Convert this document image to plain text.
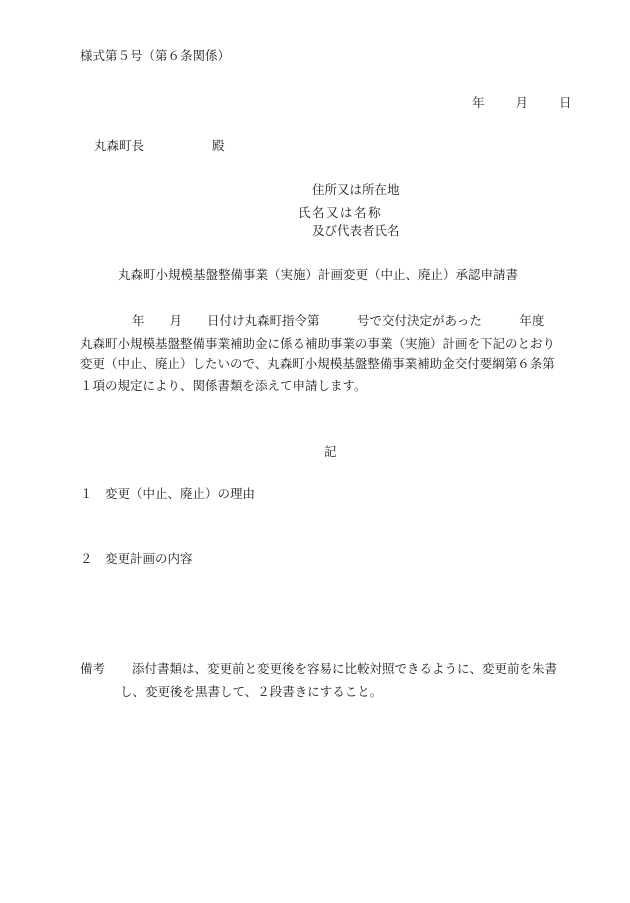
様式第５号（第６条関係）
年　　月　　日
丸森町長	殿
住所又は所在地
氏名又は名称
及び代表者氏名
丸森町小規模基盤整備事業（実施）計画変更（中止、廃止）承認申請書
年　　月　　日付け丸森町指令第　　　号で交付決定があった　　　年度
丸森町小規模基盤整備事業補助金に係る補助事業の事業（実施）計画を下記のとおり
変更（中止、廃止）したいので、丸森町小規模基盤整備事業補助金交付要綱第６条第
１項の規定により、関係書類を添えて申請します。
記
１　変更（中止、廃止）の理由
２　変更計画の内容
備考 添付書類は、変更前と変更後を容易に比較対照できるように、変更前を朱書
し、変更後を黒書して、２段書きにすること。
